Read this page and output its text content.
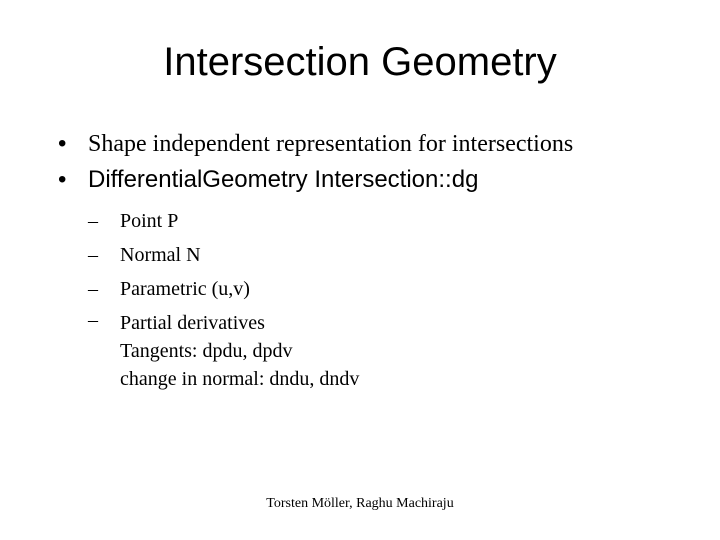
Intersection Geometry
• Shape independent representation for intersections
• DifferentialGeometry Intersection::dg
– Point P
– Normal N
– Parametric (u,v)
– Partial derivatives
Tangents: dpdu, dpdv
change in normal: dndu, dndv
Torsten Möller, Raghu Machiraju
